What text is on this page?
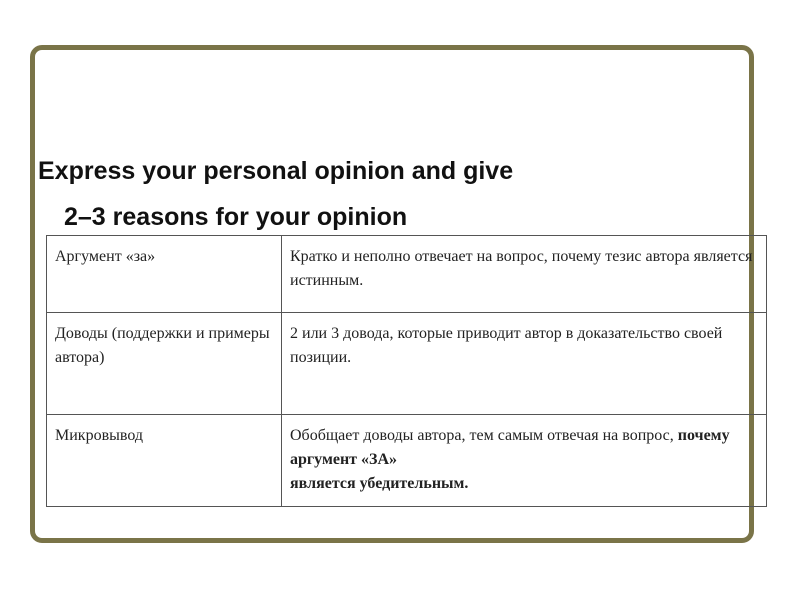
Express your personal opinion and give
2–3 reasons for your opinion
Аргумент «за»	Кратко и неполно отвечает на вопрос, почему тезис автора является истинным.
Доводы (поддержки и примеры автора)	2 или 3 довода, которые приводит автор в доказательство своей позиции.
Микровывод	Обобщает доводы автора, тем самым отвечая на вопрос, почему аргумент «ЗА»
является убедительным.
